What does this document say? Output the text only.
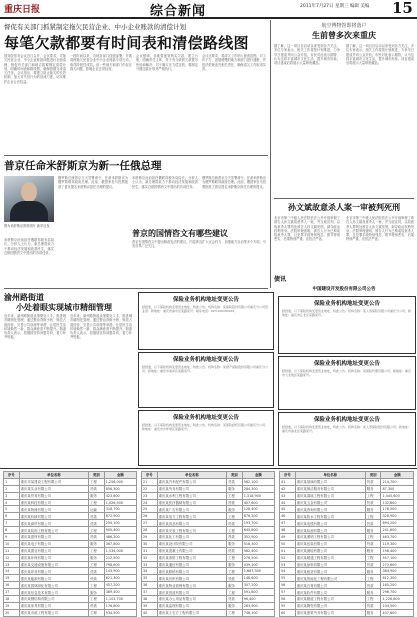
重庆日报	综合新闻	2011年7月27日 星期三 编辑 美编 15
督促有关部门抓紧制定拖欠民营企业、中小企业账款的清偿计划
每笔欠款都要有时间表和清偿路线图
国务院常务会议近日召开，会议要求，对拖欠民营企业、中小企业账款问题进行全面清理，督促有关部门和地方抓紧制定清偿计划，明确时间表和路线图，确保按期完成清欠任务。会议指出，要建立防止拖欠的长效机制，加大对失信行为的惩戒力度，切实维护企业合法权益。
一段时间以来，各地各部门按照部署，开展清理拖欠民营企业中小企业账款专项行动，取得阶段性成效。但一些地方和部门仍存在拖欠问题，影响企业正常经营。
会议强调，各地要逐笔核实欠款，建立台账，明确责任主体，对于有分歧的欠款要尽快协商解决，对于确实无力偿还的，要制定分期还款计划并严格执行。
会议还要求，将清欠工作纳入督查范围，对工作不力、进展缓慢的地方和部门进行通报，并依法依规追究相关责任，确保清欠工作取得实效。
航空博物馆即将落户
生前曾多次来重庆
据了解，这一项目自启动以来受到各方关注。多位专家表示，相关工作将按计划推进，力争早日建成并向公众开放。市民对此表示期待，认为这将丰富城市文化生活，提升城市形象。项目建成后将展示大量珍贵藏品。
据了解，这一项目自启动以来受到各方关注。多位专家表示，相关工作将按计划推进，力争早日建成并向公众开放。市民对此表示期待，认为这将丰富城市文化生活，提升城市形象。项目建成后将展示大量珍贵藏品。
普京任命米舒斯京为新一任俄总理
图为米舒斯京资料图片 新华社发
俄罗斯总统普京当天签署命令，任命米舒斯京为俄罗斯联邦政府总理。此前，俄国家杜马投票批准了普京提名米舒斯京担任总理的提议。
米舒斯京此前担任俄联邦税务局局长。分析人士认为，新总理将致力于推动经济发展和改善民生，落实总统国情咨文中提出的各项任务。
普京的国情咨文有哪些建议
普京在国情咨文中提出修改宪法的建议，内容涉及扩大议会权力、加强地方自治等多个方面，引发各界广泛关注。
米舒斯京此前担任俄联邦税务局局长。分析人士认为，新总理将致力于推动经济发展和改善民生，落实总统国情咨文中提出的各项任务。
俄罗斯总统普京当天签署命令，任命米舒斯京为俄罗斯联邦政府总理。此前，俄国家杜马投票批准了普京提名米舒斯京担任总理的提议。
孙文斌故意杀人案一审被判死刑
北京市第三中级人民法院依法公开开庭审理了被告人孙文斌故意杀人一案，并当庭宣判，以故意杀人罪判处被告人孙文斌死刑，剥夺政治权利终身。法院审理查明，被告人行为已构成故意杀人罪，且犯罪手段特别残忍，情节特别恶劣，后果特别严重，应依法严惩。
北京市第三中级人民法院依法公开开庭审理了被告人孙文斌故意杀人一案，并当庭宣判，以故意杀人罪判处被告人孙文斌死刑，剥夺政治权利终身。法院审理查明，被告人行为已构成故意杀人罪，且犯罪手段特别残忍，情节特别恶劣，后果特别严重，应依法严惩。
债讯
中国建设开发股份有限公司公告
渝州路街道
小处着眼实现城市精细管理
近年来，渝州路街道从细微处入手，推进城市精细化管理，通过整治背街小巷、规范占道经营、完善公共设施等举措，让居民生活环境焕然一新，群众满意度不断提升。街道负责人表示，将继续坚持问题导向，着力补齐短板。
近年来，渝州路街道从细微处入手，推进城市精细化管理，通过整治背街小巷、规范占道经营、完善公共设施等举措，让居民生活环境焕然一新，群众满意度不断提升。街道负责人表示，将继续坚持问题导向，着力补齐短板。
保险业务机构地址变更公告
经批准，以下保险机构变更营业地址，特此公告。机构名称：某保险股份有限公司重庆分公司营业部；新地址：重庆市渝中区某路某号；联系电话：023-XXXXXXXX。
保险业务机构地址变更公告
经批准，以下保险机构变更营业地址，特此公告。机构名称：某人寿保险有限公司重庆分公司；新地址：重庆市江北区某路某号。
保险业务机构地址变更公告
经批准，以下保险机构变更营业地址，特此公告。机构名称：某财产保险股份有限公司重庆分公司；新地址：重庆市南岸区某路某号。
保险业务机构地址变更公告
经批准，以下保险机构变更营业地址，特此公告。机构名称：某保险代理有限公司；新地址：重庆市九龙坡区某路某号。
保险业务机构地址变更公告
经批准，以下保险机构变更营业地址，特此公告。机构名称：某保险经纪有限公司重庆分公司；新地址：重庆市沙坪坝区某路某号。
保险业务机构地址变更公告
经批准，以下保险机构变更营业地址，特此公告。机构名称：某人寿保险股份有限公司；新地址：重庆市渝北区某路某号。
序号	单位名称	类别	金额
1	重庆市某建设工程有限公司	工程	1,258,000
2	重庆某实业有限公司	货款	856,300
3	重庆某贸易有限公司	服务	423,600
4	重庆某科技有限公司	工程	1,026,500
5	重庆某物流有限公司	运输	318,700
6	重庆某机械有限公司	货款	672,900
7	重庆某商贸有限公司	货款	254,100
8	重庆某装饰工程有限公司	工程	905,400
9	重庆某建材有限公司	货款	486,200
10	重庆某电子有限公司	服务	367,800
11	重庆某置业有限公司	工程	1,534,000
12	重庆某环保有限公司	服务	212,500
13	重庆某交通设施有限公司	工程	798,600
14	重庆某印务有限公司	货款	143,900
15	重庆某能源有限公司	货款	621,300
16	重庆某园林绿化有限公司	工程	457,200
17	重庆某信息技术有限公司	服务	389,400
18	重庆某钢结构有限公司	工程	1,102,700
19	重庆某家具有限公司	货款	176,800
20	重庆某市政工程有限公司	工程	934,500
序号	单位名称	类别	金额
21	重庆某汽车配件有限公司	货款	562,100
22	重庆某劳务有限公司	服务	284,300
23	重庆某水利工程有限公司	工程	1,318,900
24	重庆某医疗器械有限公司	货款	407,600
25	重庆某广告有限公司	服务	128,400
26	重庆某电力工程有限公司	工程	876,200
27	重庆某食品有限公司	货款	193,700
28	重庆某安装工程有限公司	工程	645,800
29	重庆某化工有限公司	货款	352,900
30	重庆某设计院有限公司	服务	518,300
31	重庆某混凝土有限公司	货款	982,400
32	重庆某消防工程有限公司	工程	276,500
33	重庆某通信有限公司	服务	439,100
34	重庆某路桥有限公司	工程	1,687,300
35	重庆某纺织有限公司	货款	148,600
36	重庆某物业管理有限公司	服务	307,200
37	重庆某管道有限公司	工程	591,800
38	重庆某办公用品有限公司	货款	96,400
39	重庆某监理有限公司	服务	263,900
40	重庆某土石方工程有限公司	工程	748,100
序号	单位名称	类别	金额
41	重庆某玻璃有限公司	货款	214,700
42	重庆某保洁服务有限公司	服务	87,300
43	重庆某幕墙工程有限公司	工程	1,045,600
44	重庆某五金有限公司	货款	132,800
45	重庆某咨询有限公司	服务	176,500
46	重庆某防水工程有限公司	工程	328,900
47	重庆某电缆有限公司	货款	694,200
48	重庆某检测有限公司	服务	241,600
49	重庆某照明工程有限公司	工程	463,700
50	重庆某包装有限公司	货款	119,300
51	重庆某测绘有限公司	服务	198,400
52	重庆某暖通工程有限公司	工程	557,100
53	重庆某涂料有限公司	货款	273,600
54	重庆某租赁有限公司	服务	384,900
55	重庆某智能化工程有限公司	工程	812,300
56	重庆某石材有限公司	货款	165,200
57	重庆某软件有限公司	服务	296,700
58	重庆某隧道工程有限公司	工程	1,226,800
59	重庆某陶瓷有限公司	货款	104,500
60	重庆某建筑劳务有限公司	服务	437,800
